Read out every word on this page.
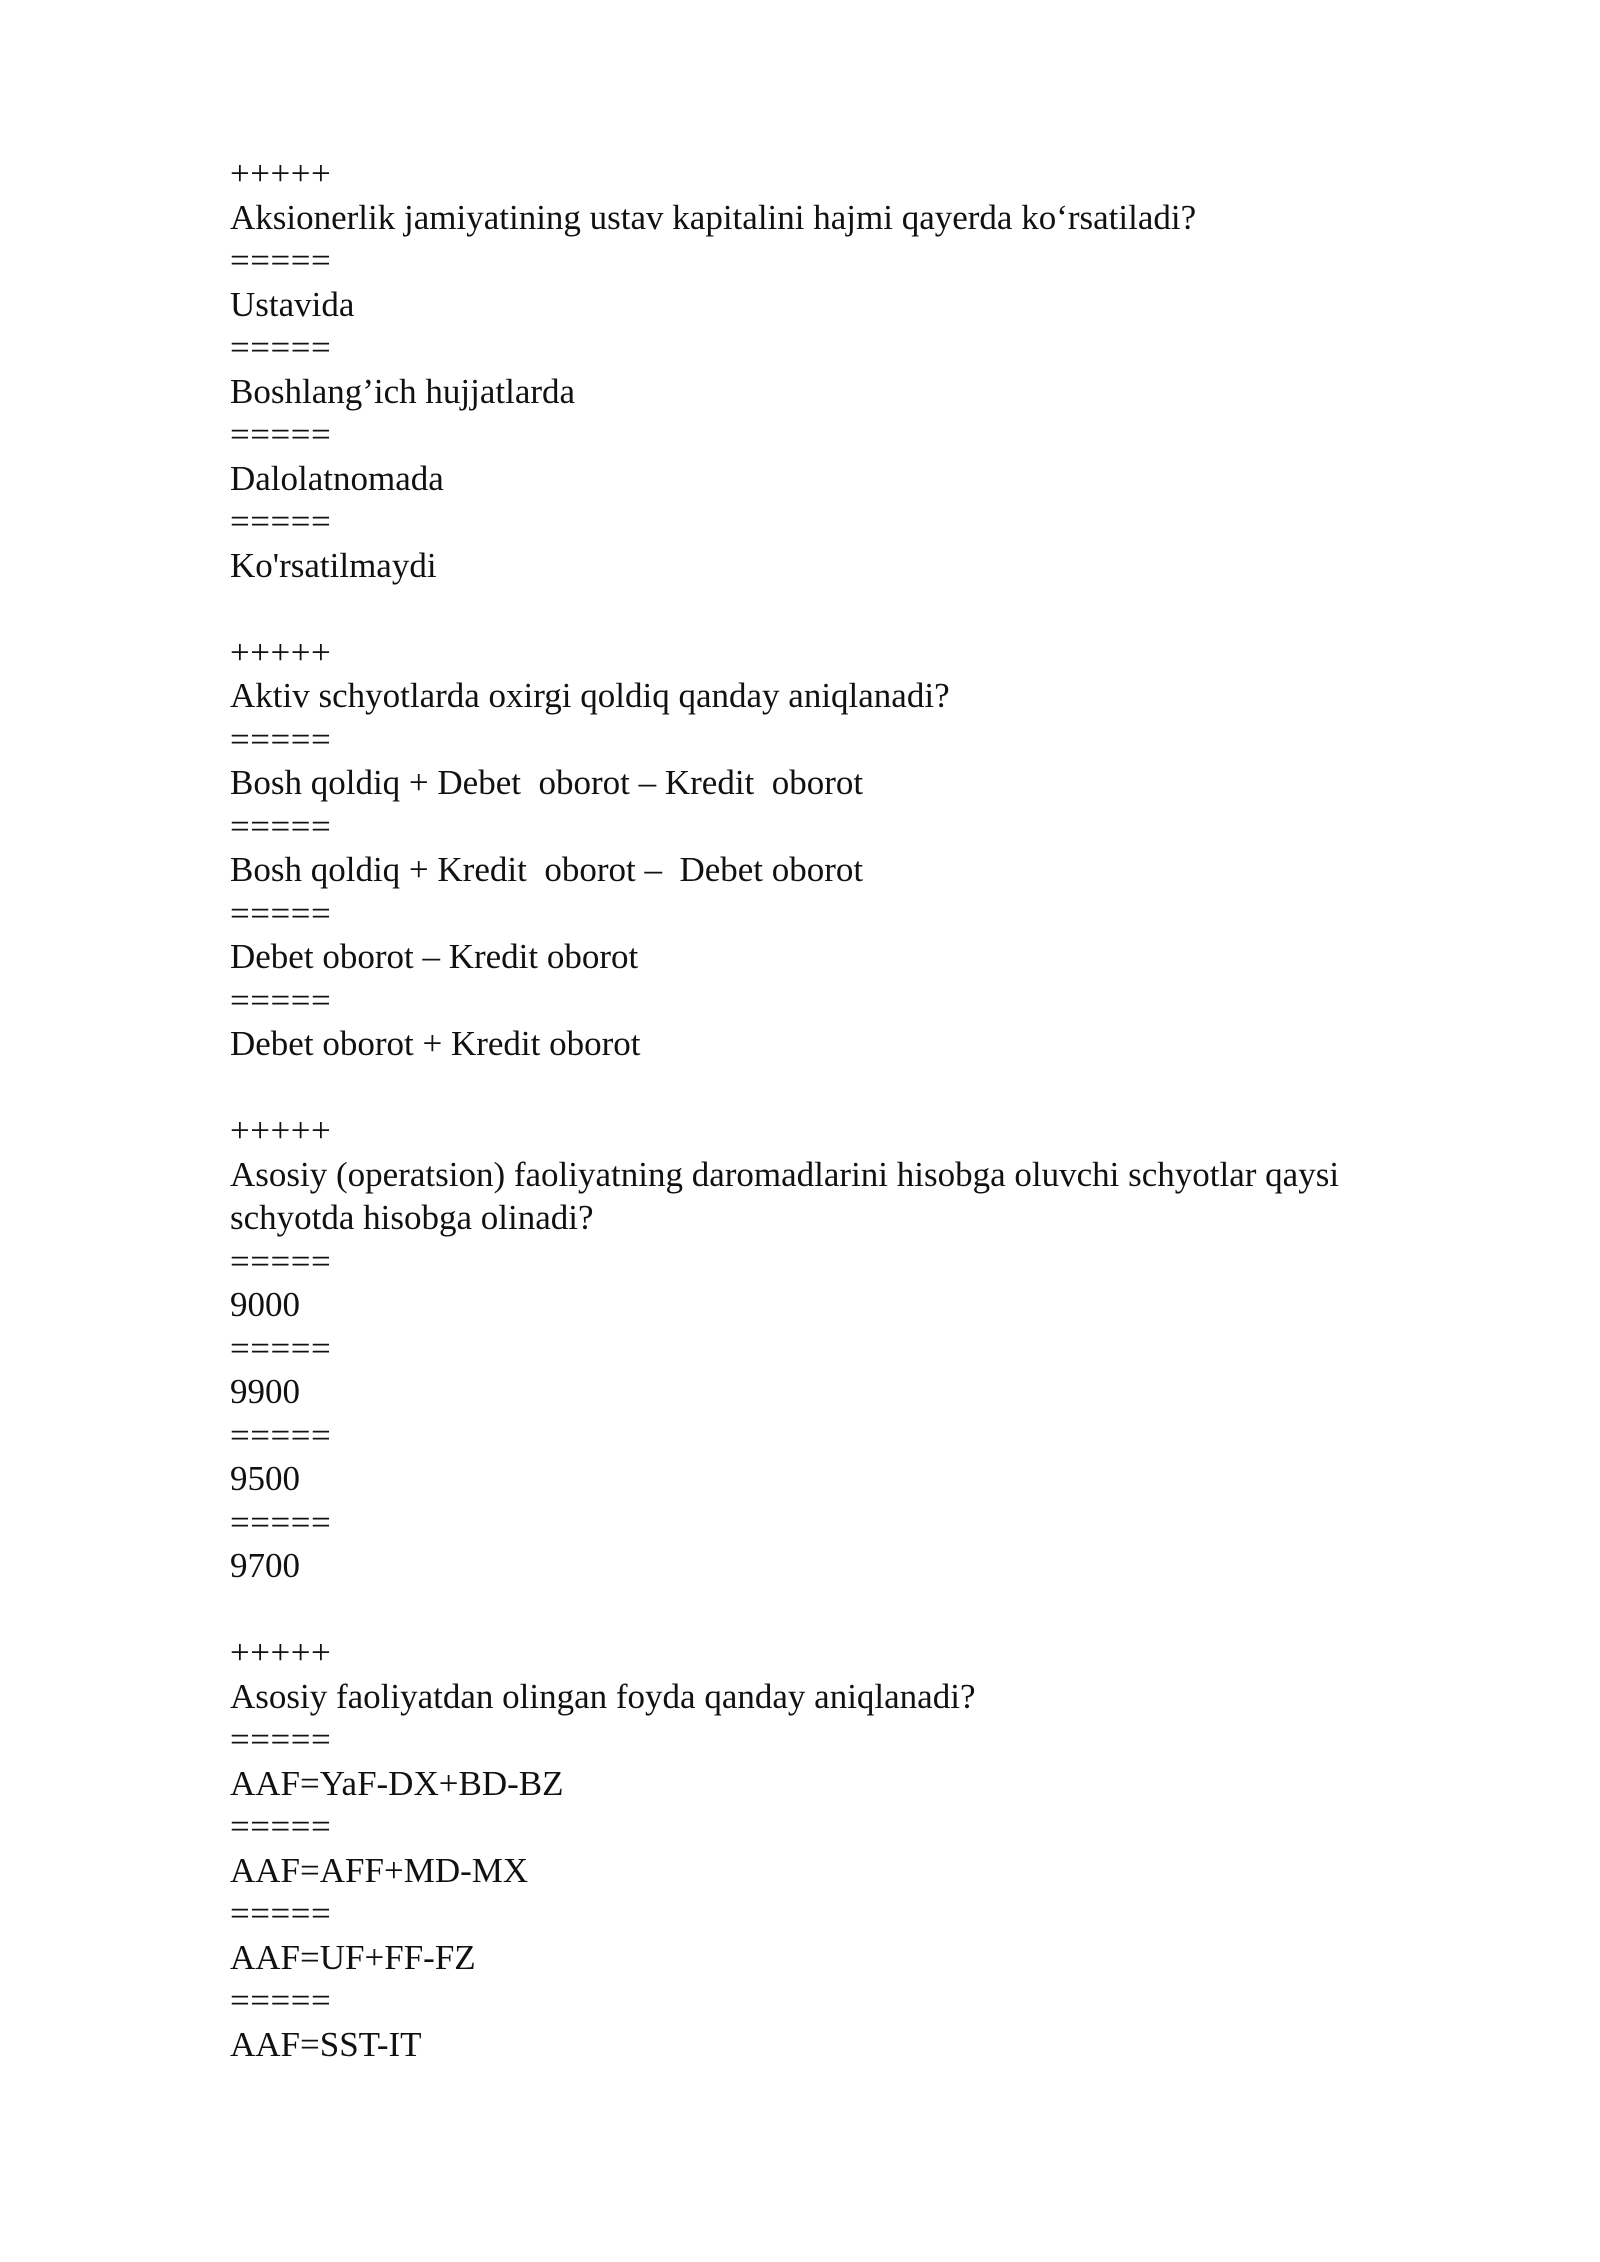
+++++
Aksionerlik jamiyatining ustav kapitalini hajmi qayerda ko‘rsatiladi?
=====
Ustavida
=====
Boshlang’ich hujjatlarda
=====
Dalolatnomada
=====
Ko'rsatilmaydi
+++++
Aktiv schyotlarda oxirgi qoldiq qanday aniqlanadi?
=====
Bosh qoldiq + Debet  oborot – Kredit  oborot
=====
Bosh qoldiq + Kredit  oborot –  Debet oborot
=====
Debet oborot – Kredit oborot
=====
Debet oborot + Kredit oborot
+++++
Asosiy (operatsion) faoliyatning daromadlarini hisobga oluvchi schyotlar qaysi schyotda hisobga olinadi?
=====
9000
=====
9900
=====
9500
=====
9700
+++++
Asosiy faoliyatdan olingan foyda qanday aniqlanadi?
=====
AAF=YaF-DX+BD-BZ
=====
AAF=AFF+MD-MX
=====
AAF=UF+FF-FZ
=====
AAF=SST-IT
